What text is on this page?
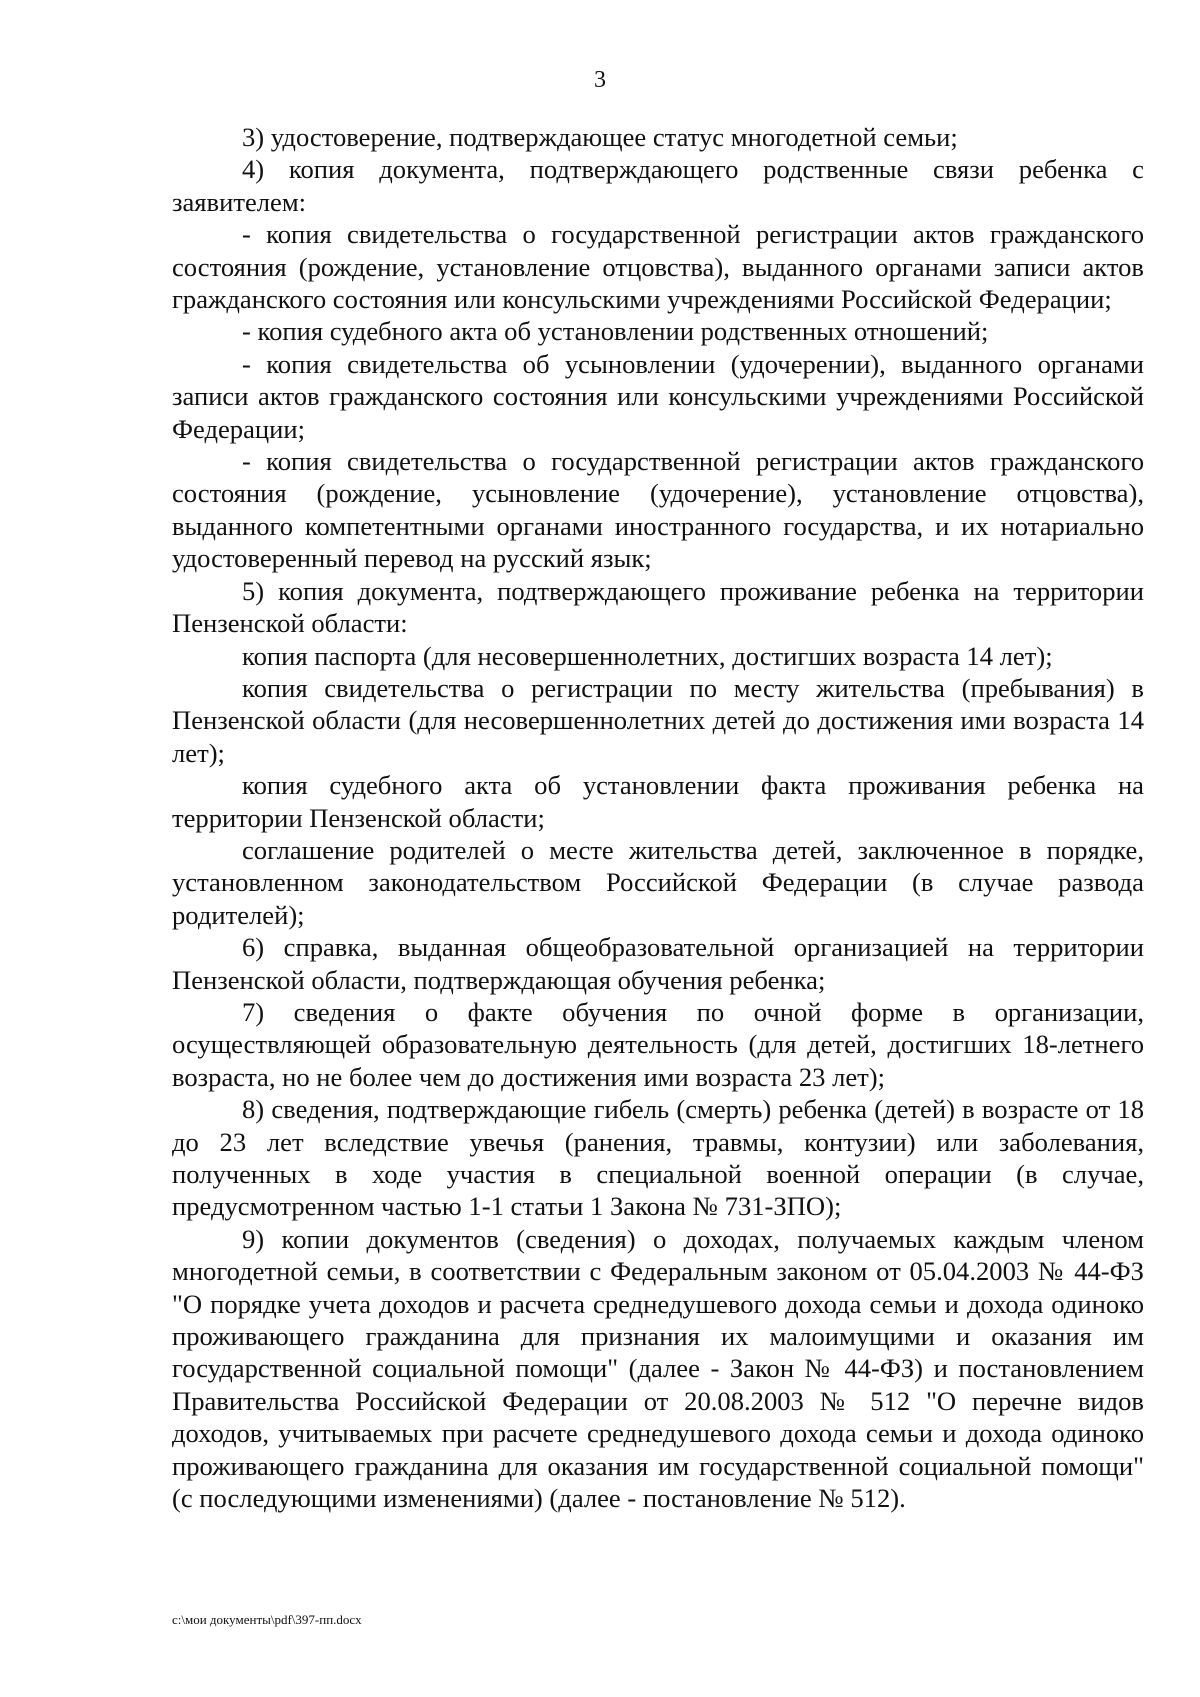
3

3) удостоверение, подтверждающее статус многодетной семьи;

4) копия документа, подтверждающего родственные связи ребенка с заявителем:

- копия свидетельства о государственной регистрации актов гражданского состояния (рождение, установление отцовства), выданного органами записи актов гражданского состояния или консульскими учреждениями Российской Федерации;

- копия судебного акта об установлении родственных отношений;

- копия свидетельства об усыновлении (удочерении), выданного органами записи актов гражданского состояния или консульскими учреждениями Российской Федерации;

- копия свидетельства о государственной регистрации актов гражданского состояния (рождение, усыновление (удочерение), установление отцовства), выданного компетентными органами иностранного государства, и их нотариально удостоверенный перевод на русский язык;

5) копия документа, подтверждающего проживание ребенка на территории Пензенской области:

копия паспорта (для несовершеннолетних, достигших возраста 14 лет);

копия свидетельства о регистрации по месту жительства (пребывания) в Пензенской области (для несовершеннолетних детей до достижения ими возраста 14 лет);

копия судебного акта об установлении факта проживания ребенка на территории Пензенской области;

соглашение родителей о месте жительства детей, заключенное в порядке, установленном законодательством Российской Федерации (в случае развода родителей);

6) справка, выданная общеобразовательной организацией на территории Пензенской области, подтверждающая обучения ребенка;

7) сведения о факте обучения по очной форме в организации, осуществляющей образовательную деятельность (для детей, достигших 18-летнего возраста, но не более чем до достижения ими возраста 23 лет);

8) сведения, подтверждающие гибель (смерть) ребенка (детей) в возрасте от 18 до 23 лет вследствие увечья (ранения, травмы, контузии) или заболевания, полученных в ходе участия в специальной военной операции (в случае, предусмотренном частью 1-1 статьи 1 Закона № 731-ЗПО);

9) копии документов (сведения) о доходах, получаемых каждым членом многодетной семьи, в соответствии с Федеральным законом от 05.04.2003 № 44-ФЗ "О порядке учета доходов и расчета среднедушевого дохода семьи и дохода одиноко проживающего гражданина для признания их малоимущими и оказания им государственной социальной помощи" (далее - Закон № 44-ФЗ) и постановлением Правительства Российской Федерации от 20.08.2003 № 512 "О перечне видов доходов, учитываемых при расчете среднедушевого дохода семьи и дохода одиноко проживающего гражданина для оказания им государственной социальной помощи" (с последующими изменениями) (далее - постановление № 512).

c:\мои документы\pdf\397-пп.docx
